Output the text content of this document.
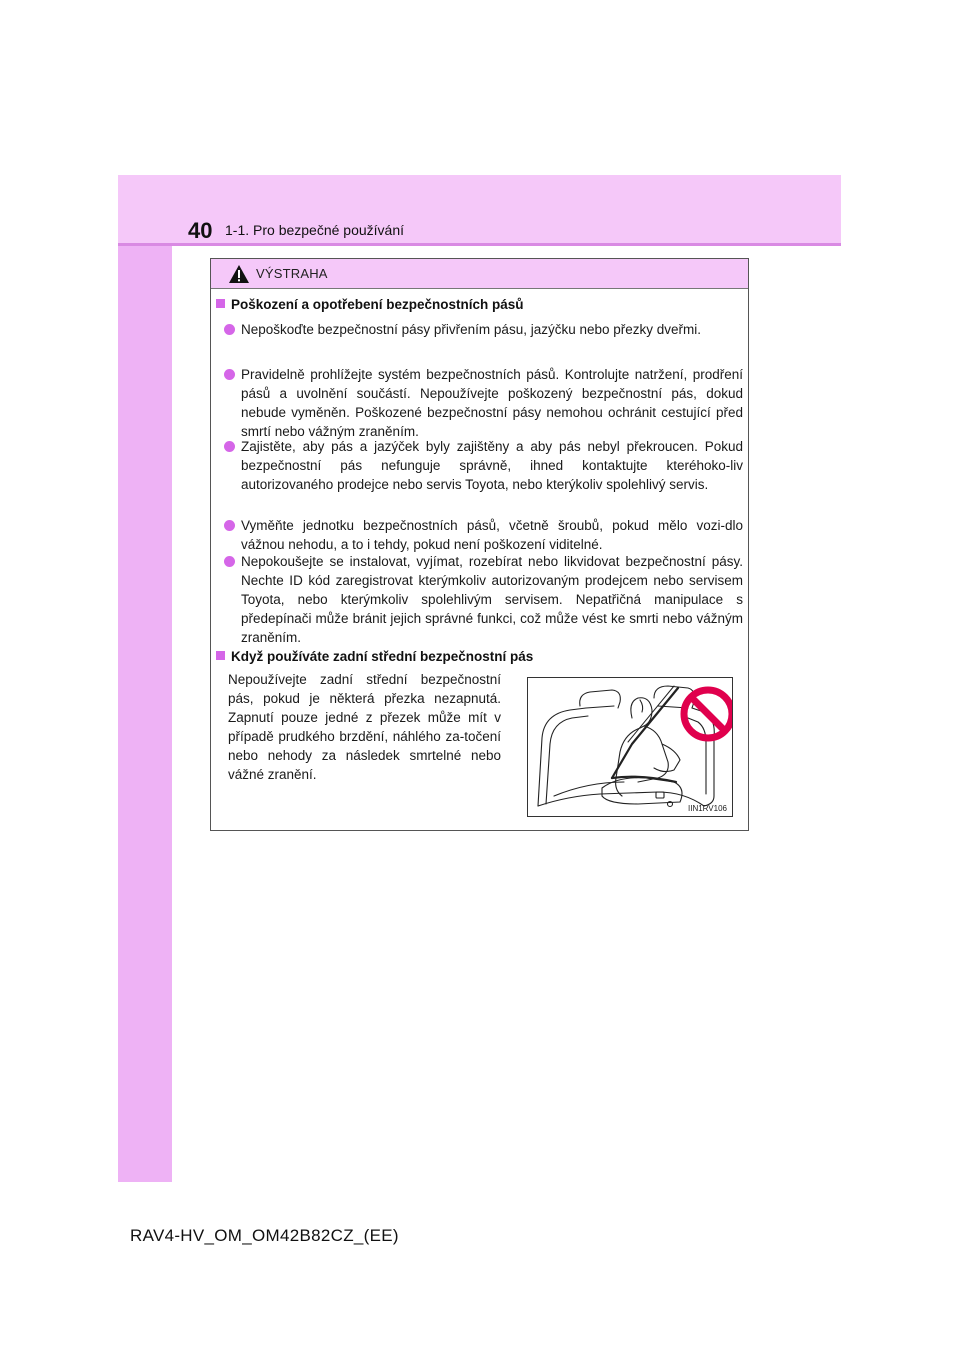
40 1-1. Pro bezpečné používání
VÝSTRAHA
Poškození a opotřebení bezpečnostních pásů
Nepoškoďte bezpečnostní pásy přivřením pásu, jazýčku nebo přezky dveřmi.
Pravidelně prohlížejte systém bezpečnostních pásů. Kontrolujte natržení, prodření pásů a uvolnění součástí. Nepoužívejte poškozený bezpečnostní pás, dokud nebude vyměněn. Poškozené bezpečnostní pásy nemohou ochránit cestující před smrtí nebo vážným zraněním.
Zajistěte, aby pás a jazýček byly zajištěny a aby pás nebyl překroucen. Pokud bezpečnostní pás nefunguje správně, ihned kontaktujte kteréhoko-liv autorizovaného prodejce nebo servis Toyota, nebo kterýkoliv spolehlivý servis.
Vyměňte jednotku bezpečnostních pásů, včetně šroubů, pokud mělo vozi-dlo vážnou nehodu, a to i tehdy, pokud není poškození viditelné.
Nepokoušejte se instalovat, vyjímat, rozebírat nebo likvidovat bezpečnostní pásy. Nechte ID kód zaregistrovat kterýmkoliv autorizovaným prodejcem nebo servisem Toyota, nebo kterýmkoliv spolehlivým servisem. Nepatřičná manipulace s předepínači může bránit jejich správné funkci, což může vést ke smrti nebo vážným zraněním.
Když používáte zadní střední bezpečnostní pás
Nepoužívejte zadní střední bezpečnostní pás, pokud je některá přezka nezapnutá. Zapnutí pouze jedné z přezek může mít v případě prudkého brzdění, náhlého za-točení nebo nehody za následek smrtelné nebo vážné zranění.
IIN1RV106
RAV4-HV_OM_OM42B82CZ_(EE)
